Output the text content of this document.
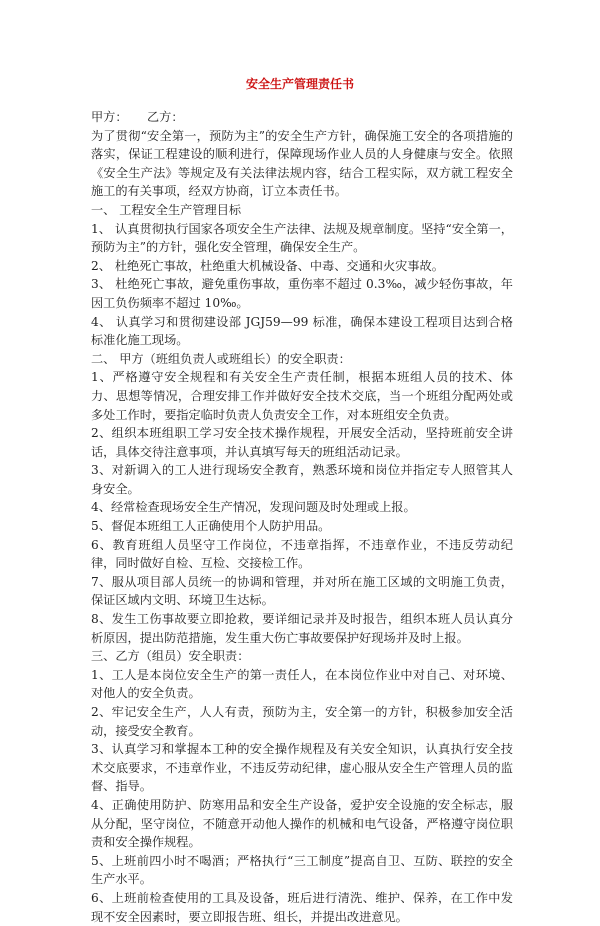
安全生产管理责任书
甲方：	乙方：

为了贯彻“安全第一，预防为主”的安全生产方针，确保施工安全的各项措施的落实，保证工程建设的顺利进行，保障现场作业人员的人身健康与安全。依照《安全生产法》等规定及有关法律法规内容，结合工程实际，双方就工程安全施工的有关事项，经双方协商，订立本责任书。

一、 工程安全生产管理目标

1、 认真贯彻执行国家各项安全生产法律、法规及规章制度。坚持“安全第一，预防为主”的方针，强化安全管理，确保安全生产。

2、 杜绝死亡事故，杜绝重大机械设备、中毒、交通和火灾事故。

3、 杜绝死亡事故，避免重伤事故，重伤率不超过 0.3‰，减少轻伤事故，年因工负伤频率不超过 10‰。

4、 认真学习和贯彻建设部 JGJ59—99 标准，确保本建设工程项目达到合格标准化施工现场。

二、 甲方（班组负责人或班组长）的安全职责：

1、严格遵守安全规程和有关安全生产责任制，根据本班组人员的技术、体力、思想等情况，合理安排工作并做好安全技术交底，当一个班组分配两处或多处工作时，要指定临时负责人负责安全工作，对本班组安全负责。

2、组织本班组职工学习安全技术操作规程，开展安全活动，坚持班前安全讲话，具体交待注意事项，并认真填写每天的班组活动记录。

3、对新调入的工人进行现场安全教育，熟悉环境和岗位并指定专人照管其人身安全。

4、经常检查现场安全生产情况，发现问题及时处理或上报。

5、督促本班组工人正确使用个人防护用品。

6、教育班组人员坚守工作岗位，不违章指挥，不违章作业，不违反劳动纪律，同时做好自检、互检、交接检工作。

7、服从项目部人员统一的协调和管理，并对所在施工区域的文明施工负责，保证区域内文明、环境卫生达标。

8、发生工伤事故要立即抢救，要详细记录并及时报告，组织本班人员认真分析原因，提出防范措施，发生重大伤亡事故要保护好现场并及时上报。

三、乙方（组员）安全职责：

1、工人是本岗位安全生产的第一责任人，在本岗位作业中对自己、对环境、对他人的安全负责。

2、牢记安全生产，人人有责，预防为主，安全第一的方针，积极参加安全活动，接受安全教育。

3、认真学习和掌握本工种的安全操作规程及有关安全知识，认真执行安全技术交底要求，不违章作业，不违反劳动纪律，虚心服从安全生产管理人员的监督、指导。

4、正确使用防护、防寒用品和安全生产设备，爱护安全设施的安全标志，服从分配，坚守岗位，不随意开动他人操作的机械和电气设备，严格遵守岗位职责和安全操作规程。

5、上班前四小时不喝酒；严格执行“三工制度”提高自卫、互防、联控的安全生产水平。

6、上班前检查使用的工具及设备，班后进行清洗、维护、保养，在工作中发现不安全因素时，要立即报告班、组长，并提出改进意见。
